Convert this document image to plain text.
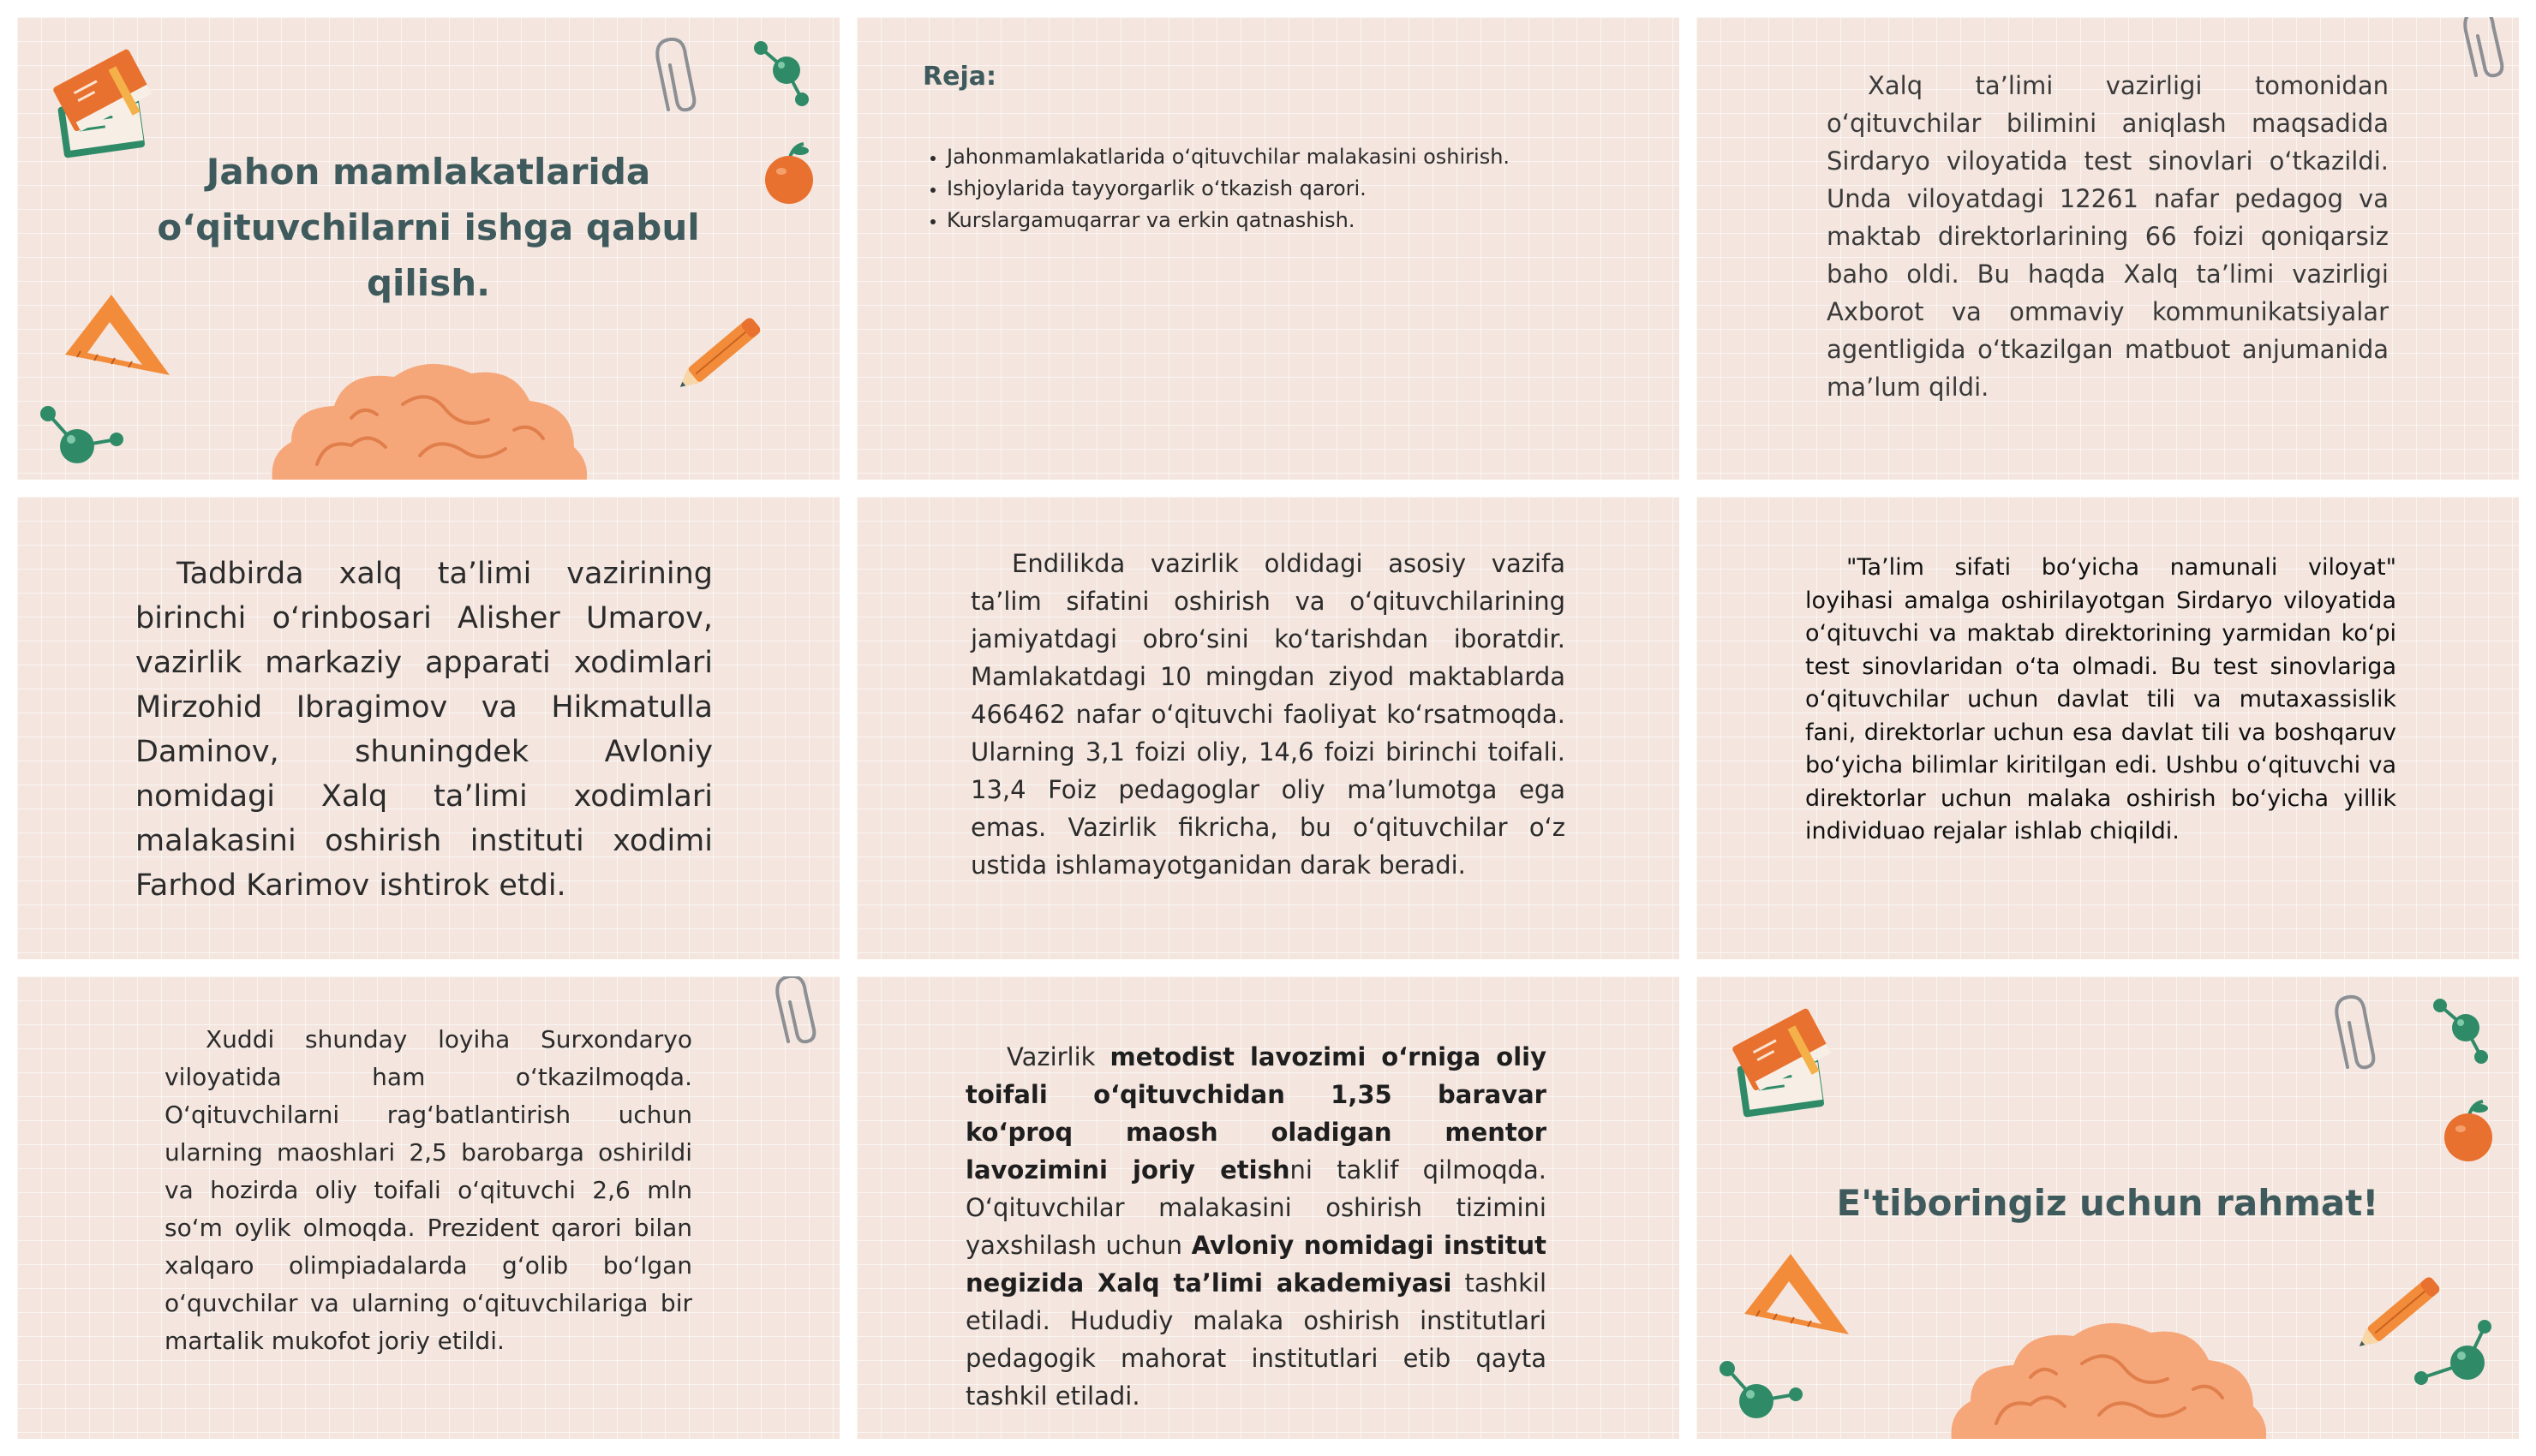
Jahon mamlakatlarida o‘qituvchilarni ishga qabul qilish.
Reja:
• Jahonmamlakatlarida o‘qituvchilar malakasini oshirish.
• Ishjoylarida tayyorgarlik o‘tkazish qarori.
• Kurslargamuqarrar va erkin qatnashish.
Xalq ta’limi vazirligi tomonidan o‘qituvchilar bilimini aniqlash maqsadida Sirdaryo viloyatida test sinovlari o‘tkazildi. Unda viloyatdagi 12261 nafar pedagog va maktab direktorlarining 66 foizi qoniqarsiz baho oldi. Bu haqda Xalq ta’limi vazirligi Axborot va ommaviy kommunikatsiyalar agentligida o‘tkazilgan matbuot anjumanida ma’lum qildi.
Tadbirda xalq ta’limi vazirining birinchi o‘rinbosari Alisher Umarov, vazirlik markaziy apparati xodimlari Mirzohid Ibragimov va Hikmatulla Daminov, shuningdek Avloniy nomidagi Xalq ta’limi xodimlari malakasini oshirish instituti xodimi Farhod Karimov ishtirok etdi.
Endilikda vazirlik oldidagi asosiy vazifa ta’lim sifatini oshirish va o‘qituvchilarining jamiyatdagi obro‘sini ko‘tarishdan iboratdir. Mamlakatdagi 10 mingdan ziyod maktablarda 466462 nafar o‘qituvchi faoliyat ko‘rsatmoqda. Ularning 3,1 foizi oliy, 14,6 foizi birinchi toifali. 13,4 Foiz pedagoglar oliy ma’lumotga ega emas. Vazirlik fikricha, bu o‘qituvchilar o‘z ustida ishlamayotganidan darak beradi.
"Ta’lim sifati bo‘yicha namunali viloyat" loyihasi amalga oshirilayotgan Sirdaryo viloyatida o‘qituvchi va maktab direktorining yarmidan ko‘pi test sinovlaridan o‘ta olmadi. Bu test sinovlariga o‘qituvchilar uchun davlat tili va mutaxassislik fani, direktorlar uchun esa davlat tili va boshqaruv bo‘yicha bilimlar kiritilgan edi. Ushbu o‘qituvchi va direktorlar uchun malaka oshirish bo‘yicha yillik individuao rejalar ishlab chiqildi.
Xuddi shunday loyiha Surxondaryo viloyatida ham o‘tkazilmoqda. O‘qituvchilarni rag‘batlantirish uchun ularning maoshlari 2,5 barobarga oshirildi va hozirda oliy toifali o‘qituvchi 2,6 mln so‘m oylik olmoqda. Prezident qarori bilan xalqaro olimpiadalarda g‘olib bo‘lgan o‘quvchilar va ularning o‘qituvchilariga bir martalik mukofot joriy etildi.
Vazirlik metodist lavozimi o‘rniga oliy toifali o‘qituvchidan 1,35 baravar ko‘proq maosh oladigan mentor lavozimini joriy etishni taklif qilmoqda. O‘qituvchilar malakasini oshirish tizimini yaxshilash uchun Avloniy nomidagi institut negizida Xalq ta’limi akademiyasi tashkil etiladi. Hududiy malaka oshirish institutlari pedagogik mahorat institutlari etib qayta tashkil etiladi.
E'tiboringiz uchun rahmat!
